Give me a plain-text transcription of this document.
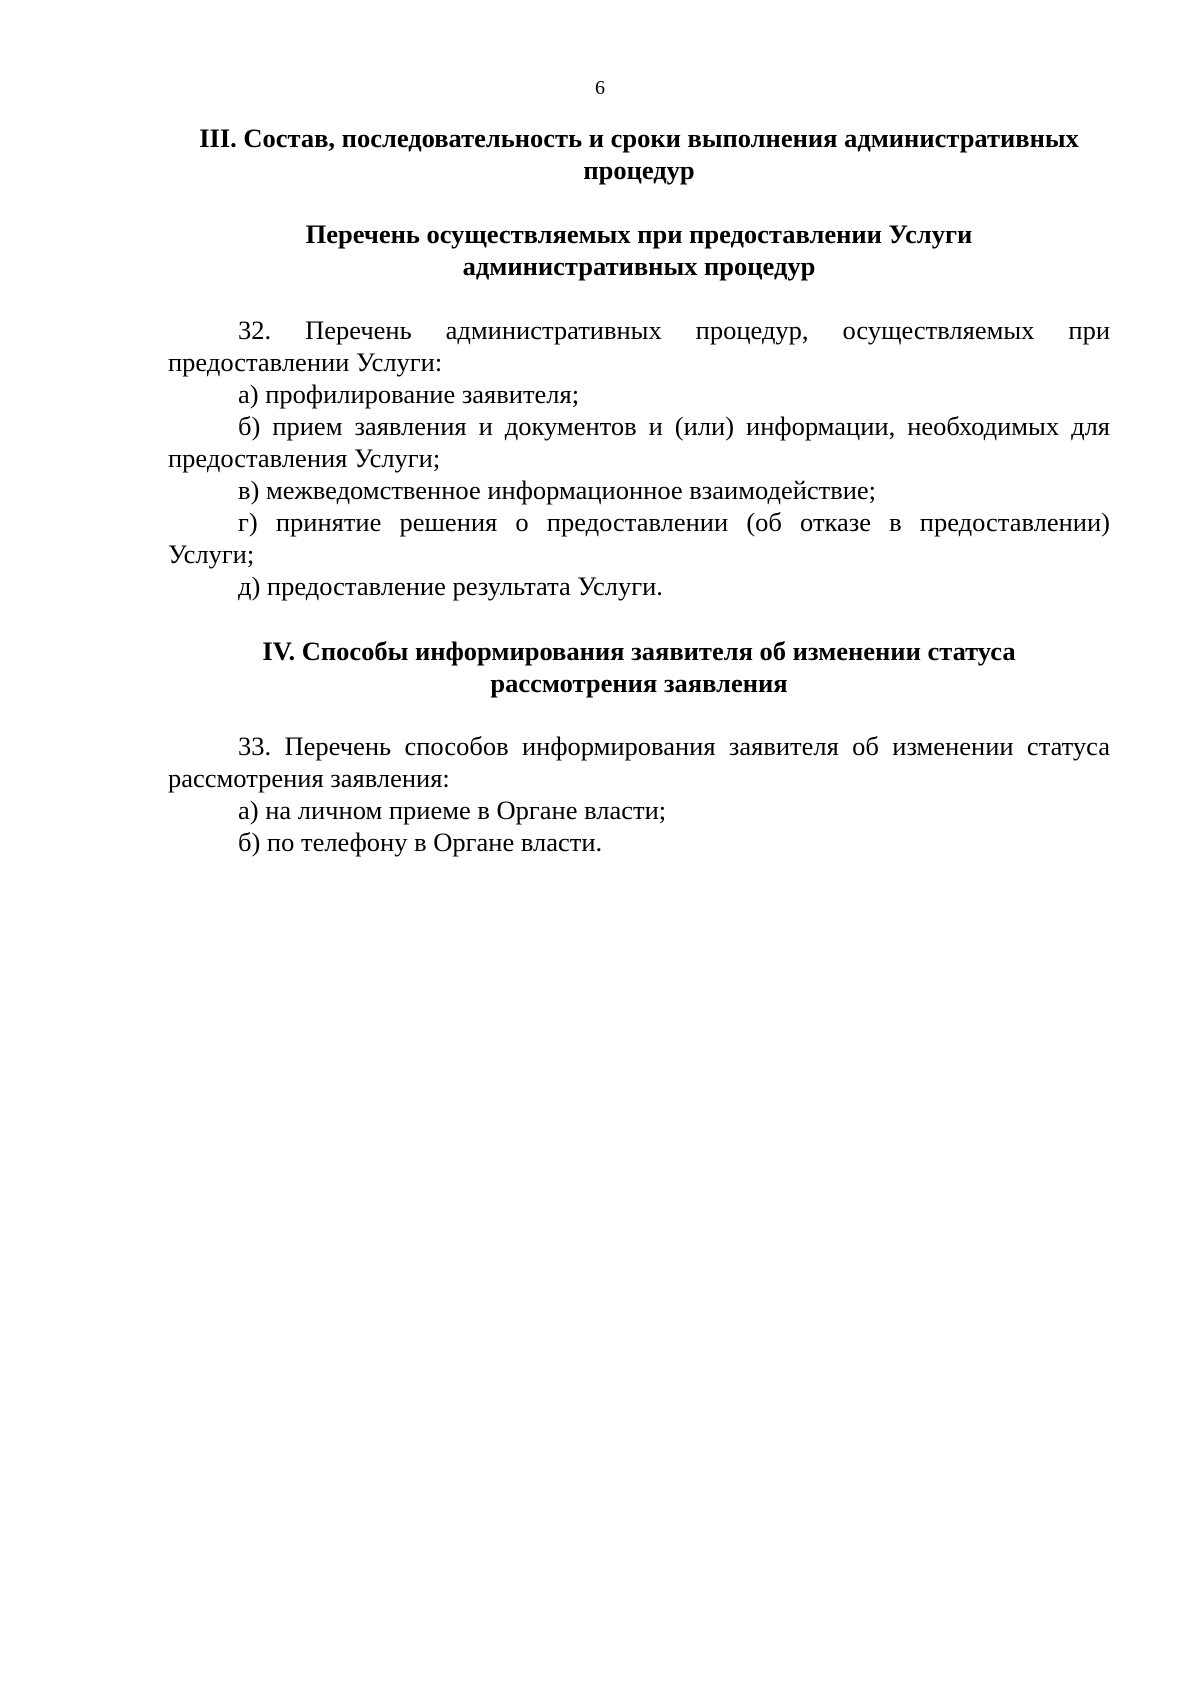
6
III. Состав, последовательность и сроки выполнения административных
процедур
Перечень осуществляемых при предоставлении Услуги
административных процедур
32. Перечень административных процедур, осуществляемых при
предоставлении Услуги:
а) профилирование заявителя;
б) прием заявления и документов и (или) информации, необходимых для
предоставления Услуги;
в) межведомственное информационное взаимодействие;
г) принятие решения о предоставлении (об отказе в предоставлении)
Услуги;
д) предоставление результата Услуги.
IV. Способы информирования заявителя об изменении статуса
рассмотрения заявления
33. Перечень способов информирования заявителя об изменении статуса
рассмотрения заявления:
а) на личном приеме в Органе власти;
б) по телефону в Органе власти.
